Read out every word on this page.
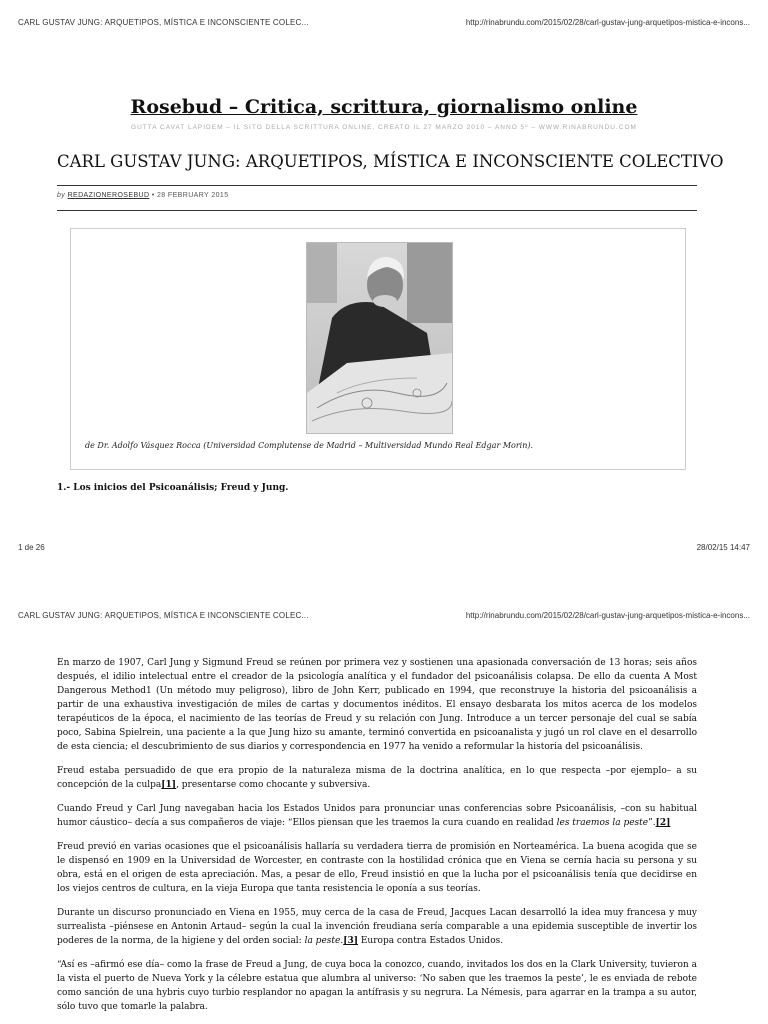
CARL GUSTAV JUNG: ARQUETIPOS, MÍSTICA E INCONSCIENTE COLEC...	http://rinabrundu.com/2015/02/28/carl-gustav-jung-arquetipos-mistica-e-incons...
Rosebud – Critica, scrittura, giornalismo online
GUTTA CAVAT LAPIDEM – IL SITO DELLA SCRITTURA ONLINE, CREATO IL 27 MARZO 2010 – ANNO 5º – WWW.RINABRUNDU.COM
CARL GUSTAV JUNG: ARQUETIPOS, MÍSTICA E INCONSCIENTE COLECTIVO
by REDAZIONEROSEBUD • 28 FEBRUARY 2015
de Dr. Adolfo Vásquez Rocca (Universidad Complutense de Madrid – Multiversidad Mundo Real Edgar Morin).
1.- Los inicios del Psicoanálisis; Freud y Jung.
1 de 26	28/02/15 14:47
CARL GUSTAV JUNG: ARQUETIPOS, MÍSTICA E INCONSCIENTE COLEC...	http://rinabrundu.com/2015/02/28/carl-gustav-jung-arquetipos-mistica-e-incons...

En marzo de 1907, Carl Jung y Sigmund Freud se reúnen por primera vez y sostienen una apasionada conversación de 13 horas; seis años después, el idilio intelectual entre el creador de la psicología analítica y el fundador del psicoanálisis colapsa. De ello da cuenta A Most Dangerous Method1 (Un método muy peligroso), libro de John Kerr, publicado en 1994, que reconstruye la historia del psicoanálisis a partir de una exhaustiva investigación de miles de cartas y documentos inéditos. El ensayo desbarata los mitos acerca de los modelos terapéuticos de la época, el nacimiento de las teorías de Freud y su relación con Jung. Introduce a un tercer personaje del cual se sabía poco, Sabina Spielrein, una paciente a la que Jung hizo su amante, terminó convertida en psicoanalista y jugó un rol clave en el desarrollo de esta ciencia; el descubrimiento de sus diarios y correspondencia en 1977 ha venido a reformular la historia del psicoanálisis.

Freud estaba persuadido de que era propio de la naturaleza misma de la doctrina analítica, en lo que respecta –por ejemplo– a su concepción de la culpa[1], presentarse como chocante y subversiva.

Cuando Freud y Carl Jung navegaban hacia los Estados Unidos para pronunciar unas conferencias sobre Psicoanálisis, –con su habitual humor cáustico– decía a sus compañeros de viaje: “Ellos piensan que les traemos la cura cuando en realidad les traemos la peste”.[2]

Freud previó en varias ocasiones que el psicoanálisis hallaría su verdadera tierra de promisión en Norteamérica. La buena acogida que se le dispensó en 1909 en la Universidad de Worcester, en contraste con la hostilidad crónica que en Viena se cernía hacia su persona y su obra, está en el origen de esta apreciación. Mas, a pesar de ello, Freud insistió en que la lucha por el psicoanálisis tenía que decidirse en los viejos centros de cultura, en la vieja Europa que tanta resistencia le oponía a sus teorías.

Durante un discurso pronunciado en Viena en 1955, muy cerca de la casa de Freud, Jacques Lacan desarrolló la idea muy francesa y muy surrealista –piénsese en Antonin Artaud– según la cual la invención freudiana sería comparable a una epidemia susceptible de invertir los poderes de la norma, de la higiene y del orden social: la peste.[3] Europa contra Estados Unidos.

“Así es –afirmó ese día– como la frase de Freud a Jung, de cuya boca la conozco, cuando, invitados los dos en la Clark University, tuvieron a la vista el puerto de Nueva York y la célebre estatua que alumbra al universo: ‘No saben que les traemos la peste’, le es enviada de rebote como sanción de una hybris cuyo turbio resplandor no apagan la antífrasis y su negrura. La Némesis, para agarrar en la trampa a su autor, sólo tuvo que tomarle la palabra.
